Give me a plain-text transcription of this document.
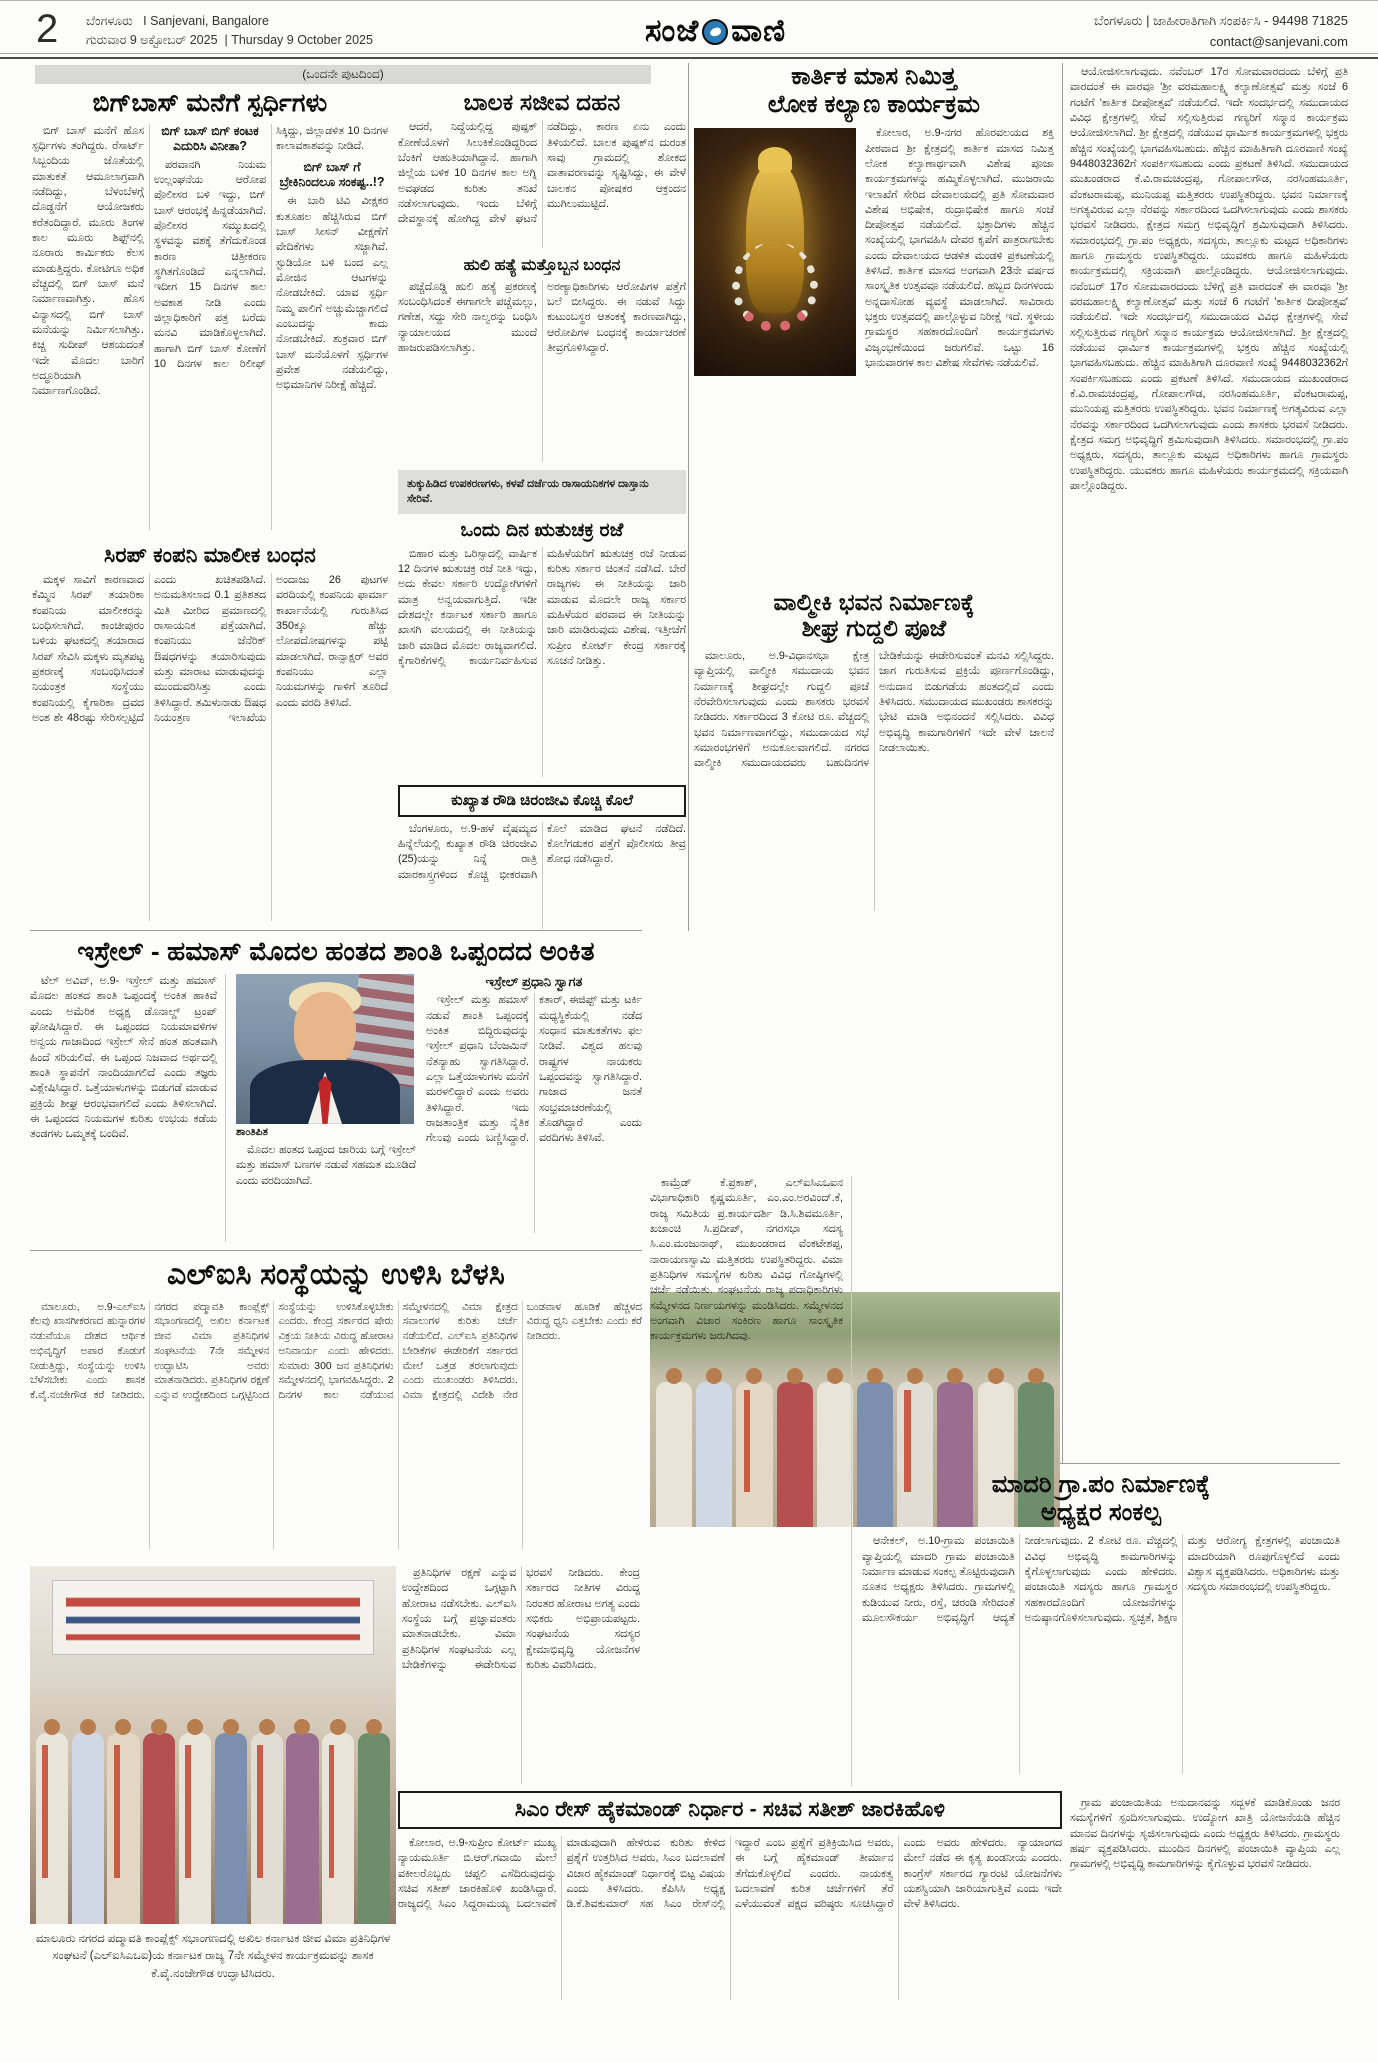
2 ಬೆಂಗಳೂರು I Sanjevani, Bangalore
ಗುರುವಾರ 9 ಅಕ್ಟೋಬರ್ 2025 | Thursday 9 October 2025	ಸಂಜೆ ವಾಣಿ	ಬೆಂಗಳೂರು | ಜಾಹೀರಾತಿಗಾಗಿ ಸಂಪರ್ಕಿಸಿ - 94498 71825
contact@sanjevani.com
(ಒಂದನೇ ಪುಟದಿಂದ)
ಬಿಗ್‌ಬಾಸ್ ಮನೆಗೆ ಸ್ಪರ್ಧಿಗಳು

ಬಿಗ್ ಬಾಸ್ ಮನೆಗೆ ಹೊಸ ಸ್ಪರ್ಧಿಗಳು ತಂಗಿದ್ದರು. ರೆಸಾರ್ಟ್ ಸಿಬ್ಬಂದಿಯ ಜೊತೆಯಲ್ಲಿ ಮಾತುಕತೆ ಆಮೂಲಾಗ್ರವಾಗಿ ನಡೆದಿದ್ದು, ಬೆಳಂಬೆಳಗ್ಗೆ ದೊಡ್ಡನೆಗೆ ಆಯೋಜಕರು ಕರೆತಂದಿದ್ದಾರೆ. ಮೂರು ತಿಂಗಳ ಕಾಲ ಮೂರು ಶಿಫ್ಟ್‌ನಲ್ಲಿ ನೂರಾರು ಕಾರ್ಮಿಕರು ಕೆಲಸ ಮಾಡುತ್ತಿದ್ದರು. ಕೋಟಿಗೂ ಅಧಿಕ ವೆಚ್ಚದಲ್ಲಿ ಬಿಗ್ ಬಾಸ್ ಮನೆ ನಿರ್ಮಾಣವಾಗಿತ್ತು. ಹೊಸ ವಿನ್ಯಾಸದಲ್ಲಿ ಬಿಗ್ ಬಾಸ್ ಮನೆಯನ್ನು ನಿರ್ಮಿಸಲಾಗಿತ್ತು. ಕಿಚ್ಚ ಸುದೀಪ್ ಆಶಯದಂತೆ ಇದೇ ಮೊದಲ ಬಾರಿಗೆ ಅದ್ಧೂರಿಯಾಗಿ ನಿರ್ಮಾಣಗೊಂಡಿದೆ.

ಬಿಗ್ ಬಾಸ್ ಬಿಗ್ ಕಂಟಕ ಎದುರಿಸಿ ವಿನೀತಾ?

ಪರವಾನಗಿ ನಿಯಮ ಉಲ್ಲಂಘನೆಯ ಆರೋಪ ಪೊಲೀಸರ ಬಳಿ ಇದ್ದು, ಬಿಗ್ ಬಾಸ್ ಆರಂಭಕ್ಕೆ ಹಿನ್ನಡೆಯಾಗಿದೆ. ಪೊಲೀಸರ ಸಮ್ಮುಖದಲ್ಲಿ ಸ್ಥಳವನ್ನು ವಶಕ್ಕೆ ತೆಗೆದುಕೊಂಡ ಕಾರಣ ಚಿತ್ರೀಕರಣ ಸ್ಥಗಿತಗೊಂಡಿದೆ ಎನ್ನಲಾಗಿದೆ. ಇದೀಗ 15 ದಿನಗಳ ಕಾಲ ಅವಕಾಶ ನೀಡಿ ಎಂದು ಜಿಲ್ಲಾಧಿಕಾರಿಗೆ ಪತ್ರ ಬರೆದು ಮನವಿ ಮಾಡಿಕೊಳ್ಳಲಾಗಿದೆ. ಹಾಗಾಗಿ ಬಿಗ್ ಬಾಸ್ ಕೋಣೆಗೆ 10 ದಿನಗಳ ಕಾಲ ರಿಲೀಫ್ ಸಿಕ್ಕಿದ್ದು, ಜಿಲ್ಲಾಡಳಿತ 10 ದಿನಗಳ ಕಾಲಾವಕಾಶವನ್ನು ನೀಡಿದೆ.

ಬಿಗ್ ಬಾಸ್ ಗೆ ಬ್ರೇಕಿನಿಂದಲೂ ಸಂಕಷ್ಟ..!?

ಈ ಬಾರಿ ಟಿವಿ ವೀಕ್ಷಕರ ಕುತೂಹಲ ಹೆಚ್ಚಿಸಿರುವ ಬಿಗ್ ಬಾಸ್ ಸೀಸನ್ ವೀಕ್ಷಣೆಗೆ ವೇದಿಕೆಗಳು ಸಜ್ಜಾಗಿವೆ. ಸ್ಟುಡಿಯೋ ಬಳಿ ಬಂದ ಎಲ್ಲ ಮೋಜಿನ ಆಟಗಳನ್ನು ನೋಡಬೇಕಿದೆ. ಯಾವ ಸ್ಪರ್ಧಿ ನಿಮ್ಮ ಪಾಲಿಗೆ ಅಚ್ಚುಮೆಚ್ಚಾಗಲಿದೆ ಎಂಬುದನ್ನು ಕಾದು ನೋಡಬೇಕಿದೆ. ಶುಕ್ರವಾರ ಬಿಗ್ ಬಾಸ್ ಮನೆಯೊಳಗೆ ಸ್ಪರ್ಧಿಗಳ ಪ್ರವೇಶ ನಡೆಯಲಿದ್ದು, ಅಭಿಮಾನಿಗಳ ನಿರೀಕ್ಷೆ ಹೆಚ್ಚಿದೆ.

ಬಾಲಕ ಸಜೀವ ದಹನ

ಆದರೆ, ನಿದ್ದೆಯಲ್ಲಿದ್ದ ಪುಷ್ಪಕ್ ಕೋಣೆಯೊಳಗೆ ಸಿಲುಕಿಕೊಂಡಿದ್ದರಿಂದ ಬೆಂಕಿಗೆ ಆಹುತಿಯಾಗಿದ್ದಾನೆ. ಹಾಗಾಗಿ ಜಿಲ್ಲೆಯ ಬಳಿಕ 10 ದಿನಗಳ ಕಾಲ ಅಗ್ನಿ ಅವಘಡದ ಕುರಿತು ತನಿಖೆ ನಡೆಸಲಾಗುವುದು. ಇಂದು ಬೆಳಿಗ್ಗೆ ದೇವಸ್ಥಾನಕ್ಕೆ ಹೋಗಿದ್ದ ವೇಳೆ ಘಟನೆ ನಡೆದಿದ್ದು, ಕಾರಣ ಏನು ಎಂದು ತಿಳಿಯಲಿದೆ. ಬಾಲಕ ಪುಷ್ಪಕ್‌ನ ದುರಂತ ಸಾವು ಗ್ರಾಮದಲ್ಲಿ ಶೋಕದ ವಾತಾವರಣವನ್ನು ಸೃಷ್ಟಿಸಿದ್ದು, ಈ ವೇಳೆ ಬಾಲಕನ ಪೋಷಕರ ಆಕ್ರಂದನ ಮುಗಿಲುಮುಟ್ಟಿದೆ.

ಹುಲಿ ಹತ್ಯೆ ಮತ್ತೊಬ್ಬನ ಬಂಧನ

ಪಚ್ಚೆದೊಡ್ಡಿ ಹುಲಿ ಹತ್ಯೆ ಪ್ರಕರಣಕ್ಕೆ ಸಂಬಂಧಿಸಿದಂತೆ ಈಗಾಗಲೇ ಪಚ್ಚೆಮಲ್ಲು, ಗಣೇಶ, ಸದ್ದು ಸೇರಿ ನಾಲ್ವರನ್ನು ಬಂಧಿಸಿ ನ್ಯಾಯಾಲಯದ ಮುಂದೆ ಹಾಜರುಪಡಿಸಲಾಗಿತ್ತು. ಅರಣ್ಯಾಧಿಕಾರಿಗಳು ಆರೋಪಿಗಳ ಪತ್ತೆಗೆ ಬಲೆ ಬೀಸಿದ್ದರು. ಈ ನಡುವೆ ಸಿದ್ದು ಕುಟುಂಬಸ್ಥರ ಆತಂಕಕ್ಕೆ ಕಾರಣವಾಗಿದ್ದು, ಆರೋಪಿಗಳ ಬಂಧನಕ್ಕೆ ಕಾರ್ಯಾಚರಣೆ ತೀವ್ರಗೊಳಿಸಿದ್ದಾರೆ.

ತುಕ್ಕುಹಿಡಿದ ಉಪಕರಣಗಳು, ಕಳಪೆ ದರ್ಜೆಯ ರಾಸಾಯನಿಕಗಳ ದಾಸ್ತಾನು ಸೇರಿವೆ.
ಒಂದು ದಿನ ಋತುಚಕ್ರ ರಜೆ

ಬಿಹಾರ ಮತ್ತು ಒರಿಸ್ಸಾದಲ್ಲಿ ವಾರ್ಷಿಕ 12 ದಿನಗಳ ಋತುಚಕ್ರ ರಜೆ ನೀತಿ ಇದ್ದು, ಅದು ಕೇವಲ ಸರ್ಕಾರಿ ಉದ್ಯೋಗಿಗಳಿಗೆ ಮಾತ್ರ ಅನ್ವಯವಾಗುತ್ತಿದೆ. ಇಡೀ ದೇಶದಲ್ಲೇ ಕರ್ನಾಟಕ ಸರ್ಕಾರಿ ಹಾಗೂ ಖಾಸಗಿ ವಲಯದಲ್ಲಿ ಈ ನೀತಿಯನ್ನು ಜಾರಿ ಮಾಡಿದ ಮೊದಲ ರಾಜ್ಯವಾಗಲಿದೆ. ಕೈಗಾರಿಕೆಗಳಲ್ಲಿ ಕಾರ್ಯನಿರ್ವಹಿಸುವ ಮಹಿಳೆಯರಿಗೆ ಋತುಚಕ್ರ ರಜೆ ನೀಡುವ ಕುರಿತು ಸರ್ಕಾರ ಚಿಂತನೆ ನಡೆಸಿದೆ. ಬೇರೆ ರಾಜ್ಯಗಳು ಈ ನೀತಿಯನ್ನು ಜಾರಿ ಮಾಡುವ ಮೊದಲೇ ರಾಜ್ಯ ಸರ್ಕಾರ ಮಹಿಳೆಯರ ಪರವಾದ ಈ ನೀತಿಯನ್ನು ಜಾರಿ ಮಾಡಿರುವುದು ವಿಶೇಷ. ಇತ್ತೀಚೆಗೆ ಸುಪ್ರೀಂ ಕೋರ್ಟ್ ಕೇಂದ್ರ ಸರ್ಕಾರಕ್ಕೆ ಸೂಚನೆ ನೀಡಿತ್ತು.

ಕುಖ್ಯಾತ ರೌಡಿ ಚಿರಂಜೀವಿ ಕೊಚ್ಚಿ ಕೊಲೆ

ಬೆಂಗಳೂರು, ಅ.9-ಹಳೆ ವೈಷಮ್ಯದ ಹಿನ್ನೆಲೆಯಲ್ಲಿ ಕುಖ್ಯಾತ ರೌಡಿ ಚಿರಂಜೀವಿ (25)ಯನ್ನು ನಿನ್ನೆ ರಾತ್ರಿ ಮಾರಕಾಸ್ತ್ರಗಳಿಂದ ಕೊಚ್ಚಿ ಭೀಕರವಾಗಿ ಕೊಲೆ ಮಾಡಿದ ಘಟನೆ ನಡೆದಿದೆ. ಕೊಲೆಗಡುಕರ ಪತ್ತೆಗೆ ಪೊಲೀಸರು ತೀವ್ರ ಶೋಧ ನಡೆಸಿದ್ದಾರೆ.

ಸಿರಪ್ ಕಂಪನಿ ಮಾಲೀಕ ಬಂಧನ

ಮಕ್ಕಳ ಸಾವಿಗೆ ಕಾರಣವಾದ ಕೆಮ್ಮಿನ ಸಿರಪ್ ತಯಾರಿಕಾ ಕಂಪನಿಯ ಮಾಲೀಕರನ್ನು ಬಂಧಿಸಲಾಗಿದೆ. ಕಾಂಚೀಪುರಂ ಬಳಿಯ ಘಟಕದಲ್ಲಿ ತಯಾರಾದ ಸಿರಪ್ ಸೇವಿಸಿ ಮಕ್ಕಳು ಮೃತಪಟ್ಟ ಪ್ರಕರಣಕ್ಕೆ ಸಂಬಂಧಿಸಿದಂತೆ ನಿಯಂತ್ರಕ ಸಂಸ್ಥೆಯು ಕಂಪನಿಯಲ್ಲಿ ಕೈಗಾರಿಕಾ ದ್ರವದ ಅಂಶ ಶೇ 48ರಷ್ಟು ಸೇರಿಸಲ್ಪಟ್ಟಿದೆ ಎಂದು ಖಚಿತಪಡಿಸಿದೆ. ಅನುಮತಿಸಲಾದ 0.1 ಪ್ರತಿಶತದ ಮಿತಿ ಮೀರಿದ ಪ್ರಮಾಣದಲ್ಲಿ ರಾಸಾಯನಿಕ ಪತ್ತೆಯಾಗಿದೆ. ಕಂಪನಿಯು ಜೆನೆರಿಕ್ ಔಷಧಗಳನ್ನು ತಯಾರಿಸುವುದು ಮತ್ತು ಮಾರಾಟ ಮಾಡುವುದನ್ನು ಮುಂದುವರಿಸಿತ್ತು ಎಂದು ತಿಳಿಸಿದ್ದಾರೆ. ತಮಿಳುನಾಡು ಔಷಧ ನಿಯಂತ್ರಣ ಇಲಾಖೆಯ ಅಂದಾಜು 26 ಪುಟಗಳ ವರದಿಯಲ್ಲಿ ಕಂಪನಿಯ ಫಾರ್ಮಾ ಕಾರ್ಖಾನೆಯಲ್ಲಿ ಗುರುತಿಸಿದ 350ಕ್ಕೂ ಹೆಚ್ಚು ಲೋಪದೋಷಗಳನ್ನು ಪಟ್ಟಿ ಮಾಡಲಾಗಿದೆ. ರಾನ್ಸಾಕ್ಷರ್ ಅವರ ಕಂಪನಿಯು ಎಲ್ಲಾ ನಿಯಮಗಳನ್ನು ಗಾಳಿಗೆ ತೂರಿದೆ ಎಂದು ವರದಿ ತಿಳಿಸಿದೆ.

ಇಸ್ರೇಲ್ - ಹಮಾಸ್ ಮೊದಲ ಹಂತದ ಶಾಂತಿ ಒಪ್ಪಂದದ ಅಂಕಿತ

ಟೆಲ್ ಅವಿವ್, ಅ.9- ಇಸ್ರೇಲ್ ಮತ್ತು ಹಮಾಸ್ ಮೊದಲ ಹಂತದ ಶಾಂತಿ ಒಪ್ಪಂದಕ್ಕೆ ಅಂಕಿತ ಹಾಕಿವೆ ಎಂದು ಅಮೆರಿಕ ಅಧ್ಯಕ್ಷ ಡೊನಾಲ್ಡ್ ಟ್ರಂಪ್ ಘೋಷಿಸಿದ್ದಾರೆ. ಈ ಒಪ್ಪಂದದ ನಿಯಮಾವಳಿಗಳ ಅನ್ವಯ ಗಾಜಾದಿಂದ ಇಸ್ರೇಲ್ ಸೇನೆ ಹಂತ ಹಂತವಾಗಿ ಹಿಂದೆ ಸರಿಯಲಿದೆ. ಈ ಒಪ್ಪಂದ ನಿಜವಾದ ಅರ್ಥದಲ್ಲಿ ಶಾಂತಿ ಸ್ಥಾಪನೆಗೆ ನಾಂದಿಯಾಗಲಿದೆ ಎಂದು ತಜ್ಞರು ವಿಶ್ಲೇಷಿಸಿದ್ದಾರೆ. ಒತ್ತೆಯಾಳುಗಳನ್ನು ಬಿಡುಗಡೆ ಮಾಡುವ ಪ್ರಕ್ರಿಯೆ ಶೀಘ್ರ ಆರಂಭವಾಗಲಿದೆ ಎಂದು ತಿಳಿಸಲಾಗಿದೆ. ಈ ಒಪ್ಪಂದದ ನಿಯಮಗಳ ಕುರಿತು ಉಭಯ ಕಡೆಯ ತಂಡಗಳು ಒಮ್ಮತಕ್ಕೆ ಬಂದಿವೆ.	ಶಾಂತಿಪಿತ

ಮೊದಲ ಹಂತದ ಒಪ್ಪಂದ ಜಾರಿಯ ಬಗ್ಗೆ ಇಸ್ರೇಲ್ ಮತ್ತು ಹಮಾಸ್ ಬಣಗಳ ನಡುವೆ ಸಹಮತ ಮೂಡಿದೆ ಎಂದು ವರದಿಯಾಗಿದೆ.

ಇಸ್ರೇಲ್ ಪ್ರಧಾನಿ ಸ್ವಾಗತ

ಇಸ್ರೇಲ್ ಮತ್ತು ಹಮಾಸ್ ನಡುವೆ ಶಾಂತಿ ಒಪ್ಪಂದಕ್ಕೆ ಅಂಕಿತ ಬಿದ್ದಿರುವುದನ್ನು ಇಸ್ರೇಲ್ ಪ್ರಧಾನಿ ಬೆಂಜಮಿನ್ ನೆತನ್ಯಾಹು ಸ್ವಾಗತಿಸಿದ್ದಾರೆ. ಎಲ್ಲಾ ಒತ್ತೆಯಾಳುಗಳು ಮನೆಗೆ ಮರಳಲಿದ್ದಾರೆ ಎಂದು ಅವರು ತಿಳಿಸಿದ್ದಾರೆ. ಇದು ರಾಜತಾಂತ್ರಿಕ ಮತ್ತು ನೈತಿಕ ಗೆಲುವು ಎಂದು ಬಣ್ಣಿಸಿದ್ದಾರೆ. ಕತಾರ್, ಈಜಿಪ್ಟ್ ಮತ್ತು ಟರ್ಕಿ ಮಧ್ಯಸ್ಥಿಕೆಯಲ್ಲಿ ನಡೆದ ಸಂಧಾನ ಮಾತುಕತೆಗಳು ಫಲ ನೀಡಿವೆ. ವಿಶ್ವದ ಹಲವು ರಾಷ್ಟ್ರಗಳ ನಾಯಕರು ಒಪ್ಪಂದವನ್ನು ಸ್ವಾಗತಿಸಿದ್ದಾರೆ. ಗಾಜಾದ ಜನತೆ ಸಂಭ್ರಮಾಚರಣೆಯಲ್ಲಿ ತೊಡಗಿದ್ದಾರೆ ಎಂದು ವರದಿಗಳು ತಿಳಿಸಿವೆ.

ಎಲ್‌ಐಸಿ ಸಂಸ್ಥೆಯನ್ನು ಉಳಿಸಿ ಬೆಳಸಿ

ಮಾಲೂರು, ಅ.9-ಎಲ್‌ಐಸಿ ಕೆಲವು ಖಾಸಗೀಕರಣದ ಹುನ್ನಾರಗಳ ನಡುವೆಯೂ ದೇಶದ ಆರ್ಥಿಕ ಅಭಿವೃದ್ಧಿಗೆ ಅಪಾರ ಕೊಡುಗೆ ನೀಡುತ್ತಿದ್ದು, ಸಂಸ್ಥೆಯನ್ನು ಉಳಿಸಿ ಬೆಳೆಸಬೇಕು ಎಂದು ಶಾಸಕ ಕೆ.ವೈ.ನಂಜೇಗೌಡ ಕರೆ ನೀಡಿದರು. ನಗರದ ಪದ್ಮಾವತಿ ಕಾಂಪ್ಲೆಕ್ಸ್ ಸಭಾಂಗಣದಲ್ಲಿ ಅಖಿಲ ಕರ್ನಾಟಕ ಜೀವ ವಿಮಾ ಪ್ರತಿನಿಧಿಗಳ ಸಂಘಟನೆಯ 7ನೇ ಸಮ್ಮೇಳನ ಉದ್ಘಾಟಿಸಿ ಅವರು ಮಾತನಾಡಿದರು. ಪ್ರತಿನಿಧಿಗಳ ರಕ್ಷಣೆ ಎನ್ನುವ ಉದ್ದೇಶದಿಂದ ಒಗ್ಗಟ್ಟಿನಿಂದ ಸಂಸ್ಥೆಯನ್ನು ಉಳಿಸಿಕೊಳ್ಳಬೇಕು ಎಂದರು. ಕೇಂದ್ರ ಸರ್ಕಾರದ ಷೇರು ವಿಕ್ರಯ ನೀತಿಯ ವಿರುದ್ಧ ಹೋರಾಟ ಅನಿವಾರ್ಯ ಎಂದು ಹೇಳಿದರು. ಸುಮಾರು 300 ಜನ ಪ್ರತಿನಿಧಿಗಳು ಸಮ್ಮೇಳನದಲ್ಲಿ ಭಾಗವಹಿಸಿದ್ದರು. 2 ದಿನಗಳ ಕಾಲ ನಡೆಯುವ ಸಮ್ಮೇಳನದಲ್ಲಿ ವಿಮಾ ಕ್ಷೇತ್ರದ ಸವಾಲುಗಳ ಕುರಿತು ಚರ್ಚೆ ನಡೆಯಲಿದೆ. ಎಲ್‌ಐಸಿ ಪ್ರತಿನಿಧಿಗಳ ಬೇಡಿಕೆಗಳ ಈಡೇರಿಕೆಗೆ ಸರ್ಕಾರದ ಮೇಲೆ ಒತ್ತಡ ತರಲಾಗುವುದು ಎಂದು ಮುಖಂಡರು ತಿಳಿಸಿದರು. ವಿಮಾ ಕ್ಷೇತ್ರದಲ್ಲಿ ವಿದೇಶಿ ನೇರ ಬಂಡವಾಳ ಹೂಡಿಕೆ ಹೆಚ್ಚಳದ ವಿರುದ್ಧ ಧ್ವನಿ ಎತ್ತಬೇಕು ಎಂದು ಕರೆ ನೀಡಿದರು.

ಮಾಲೂರು ನಗರದ ಪದ್ಮಾವತಿ ಕಾಂಪ್ಲೆಕ್ಸ್ ಸಭಾಂಗಣದಲ್ಲಿ ಅಖಿಲ ಕರ್ನಾಟಕ ಜೀವ ವಿಮಾ ಪ್ರತಿನಿಧಿಗಳ ಸಂಘಟನೆ (ಎಲ್‌ಐಸಿಎಒಐ)ಯ ಕರ್ನಾಟಕ ರಾಜ್ಯ 7ನೇ ಸಮ್ಮೇಳನ ಕಾರ್ಯಕ್ರಮವನ್ನು ಶಾಸಕ ಕೆ.ವೈ.ನಂಜೇಗೌಡ ಉದ್ಘಾಟಿಸಿದರು.

ಪ್ರತಿನಿಧಿಗಳ ರಕ್ಷಣೆ ಎನ್ನುವ ಉದ್ದೇಶದಿಂದ ಒಗ್ಗಟ್ಟಾಗಿ ಹೋರಾಟ ನಡೆಸಬೇಕು. ಎಲ್‌ಐಸಿ ಸಂಸ್ಥೆಯ ಬಗ್ಗೆ ಪ್ರಜ್ಞಾವಂತರು ಮಾತನಾಡಬೇಕು. ವಿಮಾ ಪ್ರತಿನಿಧಿಗಳ ಸಂಘಟನೆಯ ಎಲ್ಲ ಬೇಡಿಕೆಗಳನ್ನು ಈಡೇರಿಸುವ ಭರವಸೆ ನೀಡಿದರು. ಕೇಂದ್ರ ಸರ್ಕಾರದ ನೀತಿಗಳ ವಿರುದ್ಧ ನಿರಂತರ ಹೋರಾಟ ಅಗತ್ಯ ಎಂದು ಸಭಿಕರು ಅಭಿಪ್ರಾಯಪಟ್ಟರು. ಸಂಘಟನೆಯ ಸದಸ್ಯರ ಕ್ಷೇಮಾಭಿವೃದ್ಧಿ ಯೋಜನೆಗಳ ಕುರಿತು ವಿವರಿಸಿದರು.

ಸಿಎಂ ರೇಸ್ ಹೈಕಮಾಂಡ್ ನಿರ್ಧಾರ - ಸಚಿವ ಸತೀಶ್ ಜಾರಕಿಹೊಳಿ

ಕೋಲಾರ, ಅ.9-ಸುಪ್ರೀಂ ಕೋರ್ಟ್ ಮುಖ್ಯ ನ್ಯಾಯಮೂರ್ತಿ ಬಿ.ಆರ್.ಗವಾಯಿ ಮೇಲೆ ವಕೀಲರೊಬ್ಬರು ಚಪ್ಪಲಿ ಎಸೆದಿರುವುದನ್ನು ಸಚಿವ ಸತೀಶ್ ಜಾರಕಿಹೊಳಿ ಖಂಡಿಸಿದ್ದಾರೆ. ರಾಜ್ಯದಲ್ಲಿ ಸಿಎಂ ಸಿದ್ದರಾಮಯ್ಯ ಬದಲಾವಣೆ ಮಾಡುವುದಾಗಿ ಹೇಳಿರುವ ಕುರಿತು ಕೇಳಿದ ಪ್ರಶ್ನೆಗೆ ಉತ್ತರಿಸಿದ ಅವರು, ಸಿಎಂ ಬದಲಾವಣೆ ವಿಚಾರ ಹೈಕಮಾಂಡ್ ನಿರ್ಧಾರಕ್ಕೆ ಬಿಟ್ಟ ವಿಷಯ ಎಂದು ತಿಳಿಸಿದರು. ಕೆಪಿಸಿಸಿ ಅಧ್ಯಕ್ಷ ಡಿ.ಕೆ.ಶಿವಕುಮಾರ್ ಸಹ ಸಿಎಂ ರೇಸ್‌ನಲ್ಲಿ ಇದ್ದಾರೆ ಎಂಬ ಪ್ರಶ್ನೆಗೆ ಪ್ರತಿಕ್ರಿಯಿಸಿದ ಅವರು, ಈ ಬಗ್ಗೆ ಹೈಕಮಾಂಡ್ ತೀರ್ಮಾನ ತೆಗೆದುಕೊಳ್ಳಲಿದೆ ಎಂದರು. ನಾಯಕತ್ವ ಬದಲಾವಣೆ ಕುರಿತ ಚರ್ಚೆಗಳಿಗೆ ತೆರೆ ಎಳೆಯುವಂತೆ ಪಕ್ಷದ ವರಿಷ್ಠರು ಸೂಚಿಸಿದ್ದಾರೆ ಎಂದು ಅವರು ಹೇಳಿದರು. ನ್ಯಾಯಾಂಗದ ಮೇಲೆ ನಡೆದ ಈ ಕೃತ್ಯ ಖಂಡನೀಯ ಎಂದರು. ಕಾಂಗ್ರೆಸ್ ಸರ್ಕಾರದ ಗ್ಯಾರಂಟಿ ಯೋಜನೆಗಳು ಯಶಸ್ವಿಯಾಗಿ ಜಾರಿಯಾಗುತ್ತಿವೆ ಎಂದು ಇದೇ ವೇಳೆ ತಿಳಿಸಿದರು.

ಕಾರ್ತಿಕ ಮಾಸ ನಿಮಿತ್ತ
ಲೋಕ ಕಲ್ಯಾಣ ಕಾರ್ಯಕ್ರಮ

ಕೋಲಾರ, ಅ.9-ನಗರ ಹೊರವಲಯದ ಶಕ್ತಿ ಪೀಠವಾದ ಶ್ರೀ ಕ್ಷೇತ್ರದಲ್ಲಿ ಕಾರ್ತಿಕ ಮಾಸದ ನಿಮಿತ್ತ ಲೋಕ ಕಲ್ಯಾಣಾರ್ಥವಾಗಿ ವಿಶೇಷ ಪೂಜಾ ಕಾರ್ಯಕ್ರಮಗಳನ್ನು ಹಮ್ಮಿಕೊಳ್ಳಲಾಗಿದೆ. ಮುಜರಾಯಿ ಇಲಾಖೆಗೆ ಸೇರಿದ ದೇವಾಲಯದಲ್ಲಿ ಪ್ರತಿ ಸೋಮವಾರ ವಿಶೇಷ ಅಭಿಷೇಕ, ರುದ್ರಾಭಿಷೇಕ ಹಾಗೂ ಸಂಜೆ ದೀಪೋತ್ಸವ ನಡೆಯಲಿದೆ. ಭಕ್ತಾದಿಗಳು ಹೆಚ್ಚಿನ ಸಂಖ್ಯೆಯಲ್ಲಿ ಭಾಗವಹಿಸಿ ದೇವರ ಕೃಪೆಗೆ ಪಾತ್ರರಾಗಬೇಕು ಎಂದು ದೇವಾಲಯದ ಆಡಳಿತ ಮಂಡಳಿ ಪ್ರಕಟಣೆಯಲ್ಲಿ ತಿಳಿಸಿದೆ. ಕಾರ್ತಿಕ ಮಾಸದ ಅಂಗವಾಗಿ 23ನೇ ವರ್ಷದ ಸಾಂಸ್ಕೃತಿಕ ಉತ್ಸವವೂ ನಡೆಯಲಿದೆ. ಹಬ್ಬದ ದಿನಗಳಂದು ಅನ್ನದಾಸೋಹ ವ್ಯವಸ್ಥೆ ಮಾಡಲಾಗಿದೆ. ಸಾವಿರಾರು ಭಕ್ತರು ಉತ್ಸವದಲ್ಲಿ ಪಾಲ್ಗೊಳ್ಳುವ ನಿರೀಕ್ಷೆ ಇದೆ. ಸ್ಥಳೀಯ ಗ್ರಾಮಸ್ಥರ ಸಹಕಾರದೊಂದಿಗೆ ಕಾರ್ಯಕ್ರಮಗಳು ವಿಜೃಂಭಣೆಯಿಂದ ಜರುಗಲಿವೆ. ಒಟ್ಟು 16 ಭಾನುವಾರಗಳ ಕಾಲ ವಿಶೇಷ ಸೇವೆಗಳು ನಡೆಯಲಿವೆ.

ವಾಲ್ಮೀಕಿ ಭವನ ನಿರ್ಮಾಣಕ್ಕೆ
ಶೀಘ್ರ ಗುದ್ದಲಿ ಪೂಜೆ

ಮಾಲೂರು, ಅ.9-ವಿಧಾನಸಭಾ ಕ್ಷೇತ್ರ ವ್ಯಾಪ್ತಿಯಲ್ಲಿ ವಾಲ್ಮೀಕಿ ಸಮುದಾಯ ಭವನ ನಿರ್ಮಾಣಕ್ಕೆ ಶೀಘ್ರದಲ್ಲೇ ಗುದ್ದಲಿ ಪೂಜೆ ನೆರವೇರಿಸಲಾಗುವುದು ಎಂದು ಶಾಸಕರು ಭರವಸೆ ನೀಡಿದರು. ಸರ್ಕಾರದಿಂದ 3 ಕೋಟಿ ರೂ. ವೆಚ್ಚದಲ್ಲಿ ಭವನ ನಿರ್ಮಾಣವಾಗಲಿದ್ದು, ಸಮುದಾಯದ ಸಭೆ ಸಮಾರಂಭಗಳಿಗೆ ಅನುಕೂಲವಾಗಲಿದೆ. ನಗರದ ವಾಲ್ಮೀಕಿ ಸಮುದಾಯದವರು ಬಹುದಿನಗಳ ಬೇಡಿಕೆಯನ್ನು ಈಡೇರಿಸುವಂತೆ ಮನವಿ ಸಲ್ಲಿಸಿದ್ದರು. ಜಾಗ ಗುರುತಿಸುವ ಪ್ರಕ್ರಿಯೆ ಪೂರ್ಣಗೊಂಡಿದ್ದು, ಅನುದಾನ ಬಿಡುಗಡೆಯ ಹಂತದಲ್ಲಿದೆ ಎಂದು ತಿಳಿಸಿದರು. ಸಮುದಾಯದ ಮುಖಂಡರು ಶಾಸಕರನ್ನು ಭೇಟಿ ಮಾಡಿ ಅಭಿನಂದನೆ ಸಲ್ಲಿಸಿದರು. ವಿವಿಧ ಅಭಿವೃದ್ಧಿ ಕಾಮಗಾರಿಗಳಿಗೆ ಇದೇ ವೇಳೆ ಚಾಲನೆ ನೀಡಲಾಯಿತು.

ಕಾಮ್ರೆಡ್ ಕೆ.ಪ್ರಕಾಶ್, ಎಲ್‌ಐಸಿಎಒಐನ ವಿಭಾಗಾಧಿಕಾರಿ ಕೃಷ್ಣಮೂರ್ತಿ, ಎಂ.ಎಂ.ಅರವಿಂದ್.ಕೆ, ರಾಜ್ಯ ಸಮಿತಿಯ ಪ್ರ.ಕಾರ್ಯದರ್ಶಿ ಡಿ.ಸಿ.ಶಿವಮೂರ್ತಿ, ಖಜಾಂಚಿ ಸಿ.ಪ್ರದೀಪ್, ನಗರಸಭಾ ಸದಸ್ಯ ಸಿ.ಎಂ.ಮಂಜುನಾಥ್, ಮುಖಂಡರಾದ ವೆಂಕಟೇಶಪ್ಪ, ನಾರಾಯಣಸ್ವಾಮಿ ಮತ್ತಿತರರು ಉಪಸ್ಥಿತರಿದ್ದರು. ವಿಮಾ ಪ್ರತಿನಿಧಿಗಳ ಸಮಸ್ಯೆಗಳ ಕುರಿತು ವಿವಿಧ ಗೋಷ್ಠಿಗಳಲ್ಲಿ ಚರ್ಚೆ ನಡೆಯಿತು. ಸಂಘಟನೆಯ ರಾಜ್ಯ ಪದಾಧಿಕಾರಿಗಳು ಸಮ್ಮೇಳನದ ನಿರ್ಣಯಗಳನ್ನು ಮಂಡಿಸಿದರು. ಸಮ್ಮೇಳನದ ಅಂಗವಾಗಿ ವಿಚಾರ ಸಂಕಿರಣ ಹಾಗೂ ಸಾಂಸ್ಕೃತಿಕ ಕಾರ್ಯಕ್ರಮಗಳು ಜರುಗಿದವು.

ಮಾದರಿ ಗ್ರಾ.ಪಂ ನಿರ್ಮಾಣಕ್ಕೆ
ಅಧ್ಯಕ್ಷರ ಸಂಕಲ್ಪ

ಆನೇಕಲ್, ಅ.10-ಗ್ರಾಮ ಪಂಚಾಯಿತಿ ವ್ಯಾಪ್ತಿಯಲ್ಲಿ ಮಾದರಿ ಗ್ರಾಮ ಪಂಚಾಯಿತಿ ನಿರ್ಮಾಣ ಮಾಡುವ ಸಂಕಲ್ಪ ತೊಟ್ಟಿರುವುದಾಗಿ ನೂತನ ಅಧ್ಯಕ್ಷರು ತಿಳಿಸಿದರು. ಗ್ರಾಮಗಳಲ್ಲಿ ಕುಡಿಯುವ ನೀರು, ರಸ್ತೆ, ಚರಂಡಿ ಸೇರಿದಂತೆ ಮೂಲಸೌಕರ್ಯ ಅಭಿವೃದ್ಧಿಗೆ ಆದ್ಯತೆ ನೀಡಲಾಗುವುದು. 2 ಕೋಟಿ ರೂ. ವೆಚ್ಚದಲ್ಲಿ ವಿವಿಧ ಅಭಿವೃದ್ಧಿ ಕಾಮಗಾರಿಗಳನ್ನು ಕೈಗೊಳ್ಳಲಾಗುವುದು ಎಂದು ಹೇಳಿದರು. ಪಂಚಾಯಿತಿ ಸದಸ್ಯರು ಹಾಗೂ ಗ್ರಾಮಸ್ಥರ ಸಹಕಾರದೊಂದಿಗೆ ಯೋಜನೆಗಳನ್ನು ಅನುಷ್ಠಾನಗೊಳಿಸಲಾಗುವುದು. ಸ್ವಚ್ಛತೆ, ಶಿಕ್ಷಣ ಮತ್ತು ಆರೋಗ್ಯ ಕ್ಷೇತ್ರಗಳಲ್ಲಿ ಪಂಚಾಯಿತಿ ಮಾದರಿಯಾಗಿ ರೂಪುಗೊಳ್ಳಲಿದೆ ಎಂದು ವಿಶ್ವಾಸ ವ್ಯಕ್ತಪಡಿಸಿದರು. ಅಧಿಕಾರಿಗಳು ಮತ್ತು ಸದಸ್ಯರು ಸಮಾರಂಭದಲ್ಲಿ ಉಪಸ್ಥಿತರಿದ್ದರು.

ಗ್ರಾಮ ಪಂಚಾಯಿತಿಯ ಅನುದಾನವನ್ನು ಸದ್ಬಳಕೆ ಮಾಡಿಕೊಂಡು ಜನರ ಸಮಸ್ಯೆಗಳಿಗೆ ಸ್ಪಂದಿಸಲಾಗುವುದು. ಉದ್ಯೋಗ ಖಾತ್ರಿ ಯೋಜನೆಯಡಿ ಹೆಚ್ಚಿನ ಮಾನವ ದಿನಗಳನ್ನು ಸೃಜಿಸಲಾಗುವುದು ಎಂದು ಅಧ್ಯಕ್ಷರು ತಿಳಿಸಿದರು. ಗ್ರಾಮಸ್ಥರು ಹರ್ಷ ವ್ಯಕ್ತಪಡಿಸಿದರು. ಮುಂದಿನ ದಿನಗಳಲ್ಲಿ ಪಂಚಾಯಿತಿ ವ್ಯಾಪ್ತಿಯ ಎಲ್ಲ ಗ್ರಾಮಗಳಲ್ಲಿ ಅಭಿವೃದ್ಧಿ ಕಾಮಗಾರಿಗಳನ್ನು ಕೈಗೊಳ್ಳುವ ಭರವಸೆ ನೀಡಿದರು.

ಆಯೋಜಿಸಲಾಗುವುದು. ನವೆಂಬರ್ 17ರ ಸೋಮವಾರದಂದು ಬೆಳಿಗ್ಗೆ ಪ್ರತಿ ವಾರದಂತೆ ಈ ವಾರವೂ 'ಶ್ರೀ ವರಮಹಾಲಕ್ಷ್ಮಿ ಕಲ್ಯಾಣೋತ್ಸವ' ಮತ್ತು ಸಂಜೆ 6 ಗಂಟೆಗೆ 'ಕಾರ್ತಿಕ ದೀಪೋತ್ಸವ' ನಡೆಯಲಿದೆ. ಇದೇ ಸಂದರ್ಭದಲ್ಲಿ ಸಮುದಾಯದ ವಿವಿಧ ಕ್ಷೇತ್ರಗಳಲ್ಲಿ ಸೇವೆ ಸಲ್ಲಿಸುತ್ತಿರುವ ಗಣ್ಯರಿಗೆ ಸನ್ಮಾನ ಕಾರ್ಯಕ್ರಮ ಆಯೋಜಿಸಲಾಗಿದೆ. ಶ್ರೀ ಕ್ಷೇತ್ರದಲ್ಲಿ ನಡೆಯುವ ಧಾರ್ಮಿಕ ಕಾರ್ಯಕ್ರಮಗಳಲ್ಲಿ ಭಕ್ತರು ಹೆಚ್ಚಿನ ಸಂಖ್ಯೆಯಲ್ಲಿ ಭಾಗವಹಿಸಬಹುದು. ಹೆಚ್ಚಿನ ಮಾಹಿತಿಗಾಗಿ ದೂರವಾಣಿ ಸಂಖ್ಯೆ 9448032362ಗೆ ಸಂಪರ್ಕಿಸಬಹುದು ಎಂದು ಪ್ರಕಟಣೆ ತಿಳಿಸಿದೆ. ಸಮುದಾಯದ ಮುಖಂಡರಾದ ಕೆ.ವಿ.ರಾಮಚಂದ್ರಪ್ಪ, ಗೋಪಾಲಗೌಡ, ನರಸಿಂಹಮೂರ್ತಿ, ವೆಂಕಟರಾಮಪ್ಪ, ಮುನಿಯಪ್ಪ ಮತ್ತಿತರರು ಉಪಸ್ಥಿತರಿದ್ದರು. ಭವನ ನಿರ್ಮಾಣಕ್ಕೆ ಅಗತ್ಯವಿರುವ ಎಲ್ಲಾ ನೆರವನ್ನು ಸರ್ಕಾರದಿಂದ ಒದಗಿಸಲಾಗುವುದು ಎಂದು ಶಾಸಕರು ಭರವಸೆ ನೀಡಿದರು. ಕ್ಷೇತ್ರದ ಸಮಗ್ರ ಅಭಿವೃದ್ಧಿಗೆ ಶ್ರಮಿಸುವುದಾಗಿ ತಿಳಿಸಿದರು. ಸಮಾರಂಭದಲ್ಲಿ ಗ್ರಾ.ಪಂ ಅಧ್ಯಕ್ಷರು, ಸದಸ್ಯರು, ತಾಲ್ಲೂಕು ಮಟ್ಟದ ಅಧಿಕಾರಿಗಳು ಹಾಗೂ ಗ್ರಾಮಸ್ಥರು ಉಪಸ್ಥಿತರಿದ್ದರು. ಯುವಕರು ಹಾಗೂ ಮಹಿಳೆಯರು ಕಾರ್ಯಕ್ರಮದಲ್ಲಿ ಸಕ್ರಿಯವಾಗಿ ಪಾಲ್ಗೊಂಡಿದ್ದರು. ಆಯೋಜಿಸಲಾಗುವುದು. ನವೆಂಬರ್ 17ರ ಸೋಮವಾರದಂದು ಬೆಳಿಗ್ಗೆ ಪ್ರತಿ ವಾರದಂತೆ ಈ ವಾರವೂ 'ಶ್ರೀ ವರಮಹಾಲಕ್ಷ್ಮಿ ಕಲ್ಯಾಣೋತ್ಸವ' ಮತ್ತು ಸಂಜೆ 6 ಗಂಟೆಗೆ 'ಕಾರ್ತಿಕ ದೀಪೋತ್ಸವ' ನಡೆಯಲಿದೆ. ಇದೇ ಸಂದರ್ಭದಲ್ಲಿ ಸಮುದಾಯದ ವಿವಿಧ ಕ್ಷೇತ್ರಗಳಲ್ಲಿ ಸೇವೆ ಸಲ್ಲಿಸುತ್ತಿರುವ ಗಣ್ಯರಿಗೆ ಸನ್ಮಾನ ಕಾರ್ಯಕ್ರಮ ಆಯೋಜಿಸಲಾಗಿದೆ. ಶ್ರೀ ಕ್ಷೇತ್ರದಲ್ಲಿ ನಡೆಯುವ ಧಾರ್ಮಿಕ ಕಾರ್ಯಕ್ರಮಗಳಲ್ಲಿ ಭಕ್ತರು ಹೆಚ್ಚಿನ ಸಂಖ್ಯೆಯಲ್ಲಿ ಭಾಗವಹಿಸಬಹುದು. ಹೆಚ್ಚಿನ ಮಾಹಿತಿಗಾಗಿ ದೂರವಾಣಿ ಸಂಖ್ಯೆ 9448032362ಗೆ ಸಂಪರ್ಕಿಸಬಹುದು ಎಂದು ಪ್ರಕಟಣೆ ತಿಳಿಸಿದೆ. ಸಮುದಾಯದ ಮುಖಂಡರಾದ ಕೆ.ವಿ.ರಾಮಚಂದ್ರಪ್ಪ, ಗೋಪಾಲಗೌಡ, ನರಸಿಂಹಮೂರ್ತಿ, ವೆಂಕಟರಾಮಪ್ಪ, ಮುನಿಯಪ್ಪ ಮತ್ತಿತರರು ಉಪಸ್ಥಿತರಿದ್ದರು. ಭವನ ನಿರ್ಮಾಣಕ್ಕೆ ಅಗತ್ಯವಿರುವ ಎಲ್ಲಾ ನೆರವನ್ನು ಸರ್ಕಾರದಿಂದ ಒದಗಿಸಲಾಗುವುದು ಎಂದು ಶಾಸಕರು ಭರವಸೆ ನೀಡಿದರು. ಕ್ಷೇತ್ರದ ಸಮಗ್ರ ಅಭಿವೃದ್ಧಿಗೆ ಶ್ರಮಿಸುವುದಾಗಿ ತಿಳಿಸಿದರು. ಸಮಾರಂಭದಲ್ಲಿ ಗ್ರಾ.ಪಂ ಅಧ್ಯಕ್ಷರು, ಸದಸ್ಯರು, ತಾಲ್ಲೂಕು ಮಟ್ಟದ ಅಧಿಕಾರಿಗಳು ಹಾಗೂ ಗ್ರಾಮಸ್ಥರು ಉಪಸ್ಥಿತರಿದ್ದರು. ಯುವಕರು ಹಾಗೂ ಮಹಿಳೆಯರು ಕಾರ್ಯಕ್ರಮದಲ್ಲಿ ಸಕ್ರಿಯವಾಗಿ ಪಾಲ್ಗೊಂಡಿದ್ದರು.
